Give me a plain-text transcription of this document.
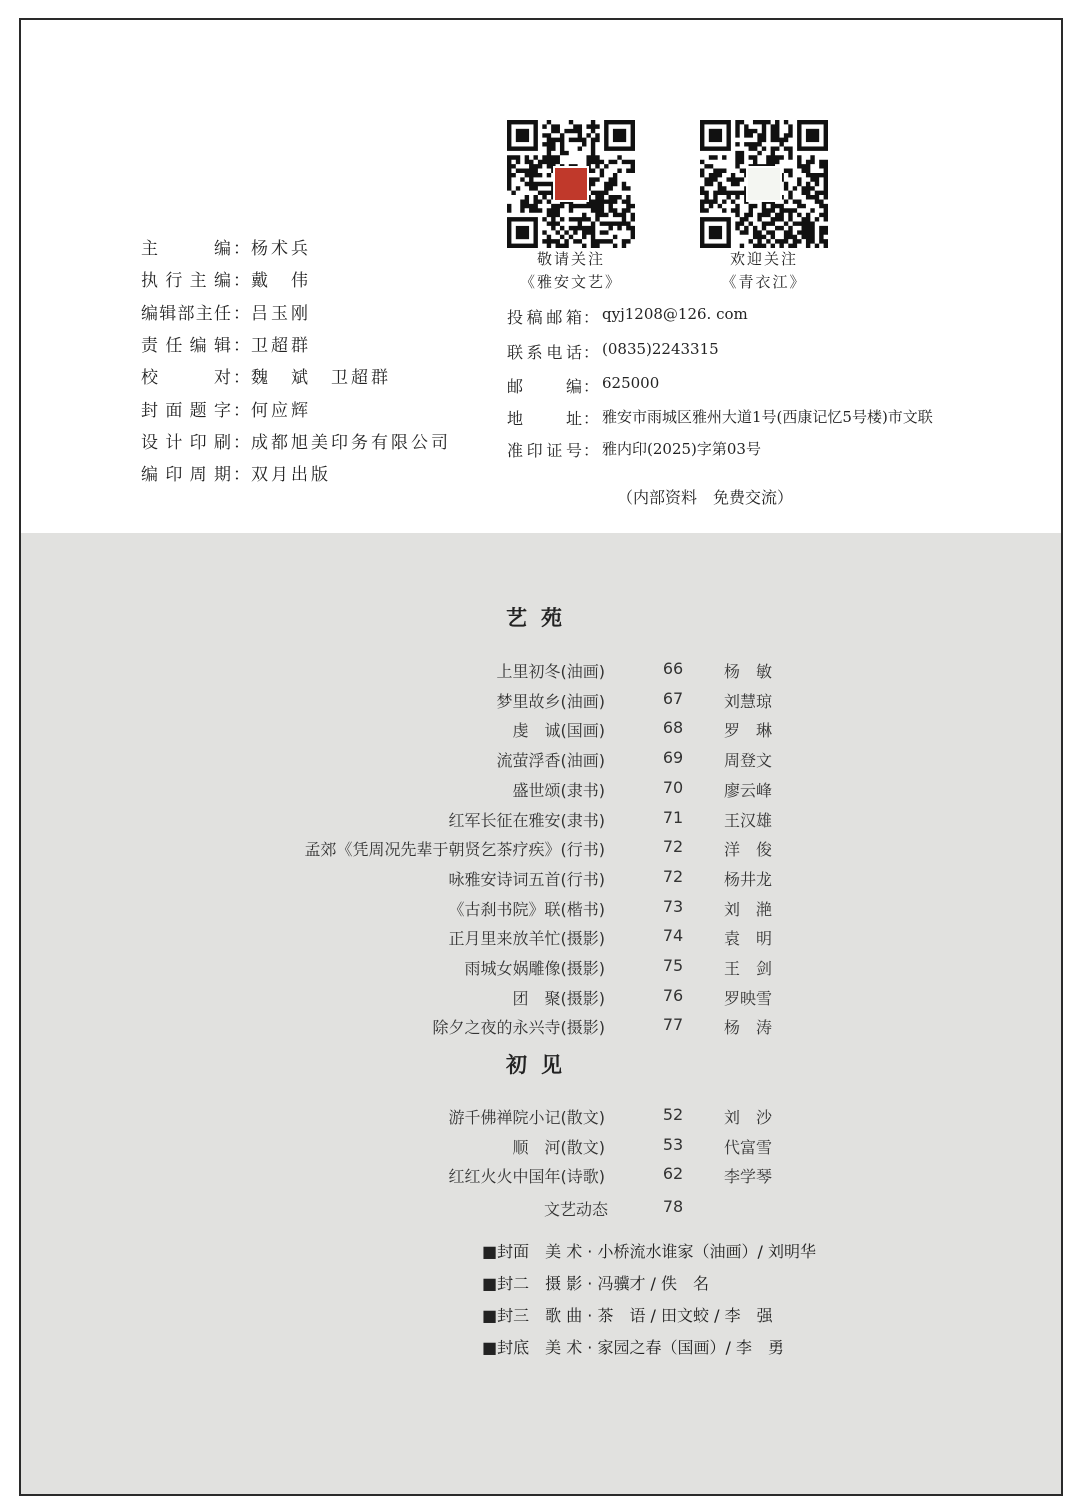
主编 ： 杨术兵
执行主编 ： 戴　伟
编辑部主任 ： 吕玉刚
责任编辑 ： 卫超群
校对 ： 魏　斌　卫超群
封面题字 ： 何应辉
设计印刷 ： 成都旭美印务有限公司
编印周期 ： 双月出版
敬请关注
《雅安文艺》
欢迎关注
《青衣江》
投稿邮箱 ： qyj1208@126. com
联系电话 ： (0835)2243315
邮编 ： 625000
地址 ： 雅安市雨城区雅州大道1号(西康记忆5号楼)市文联
准印证号 ： 雅内印(2025)字第03号
（内部资料　免费交流）
艺苑
上里初冬(油画)	66	杨　敏
梦里故乡(油画)	67	刘慧琼
虔　诚(国画)	68	罗　琳
流萤浮香(油画)	69	周登文
盛世颂(隶书)	70	廖云峰
红军长征在雅安(隶书)	71	王汉雄
孟郊《凭周况先辈于朝贤乞茶疗疾》(行书)	72	洋　俊
咏雅安诗词五首(行书)	72	杨井龙
《古刹书院》联(楷书)	73	刘　滟
正月里来放羊忙(摄影)	74	袁　明
雨城女娲雕像(摄影)	75	王　剑
团　聚(摄影)	76	罗映雪
除夕之夜的永兴寺(摄影)	77	杨　涛
初见
游千佛禅院小记(散文)	52	刘　沙
顺　河(散文)	53	代富雪
红红火火中国年(诗歌)	62	李学琴
文艺动态	78
■封面　美 术 · 小桥流水谁家（油画）/ 刘明华
■封二　摄 影 · 冯骥才 / 佚　名
■封三　歌 曲 · 茶　语 / 田文蛟 / 李　强
■封底　美 术 · 家园之春（国画）/ 李　勇
